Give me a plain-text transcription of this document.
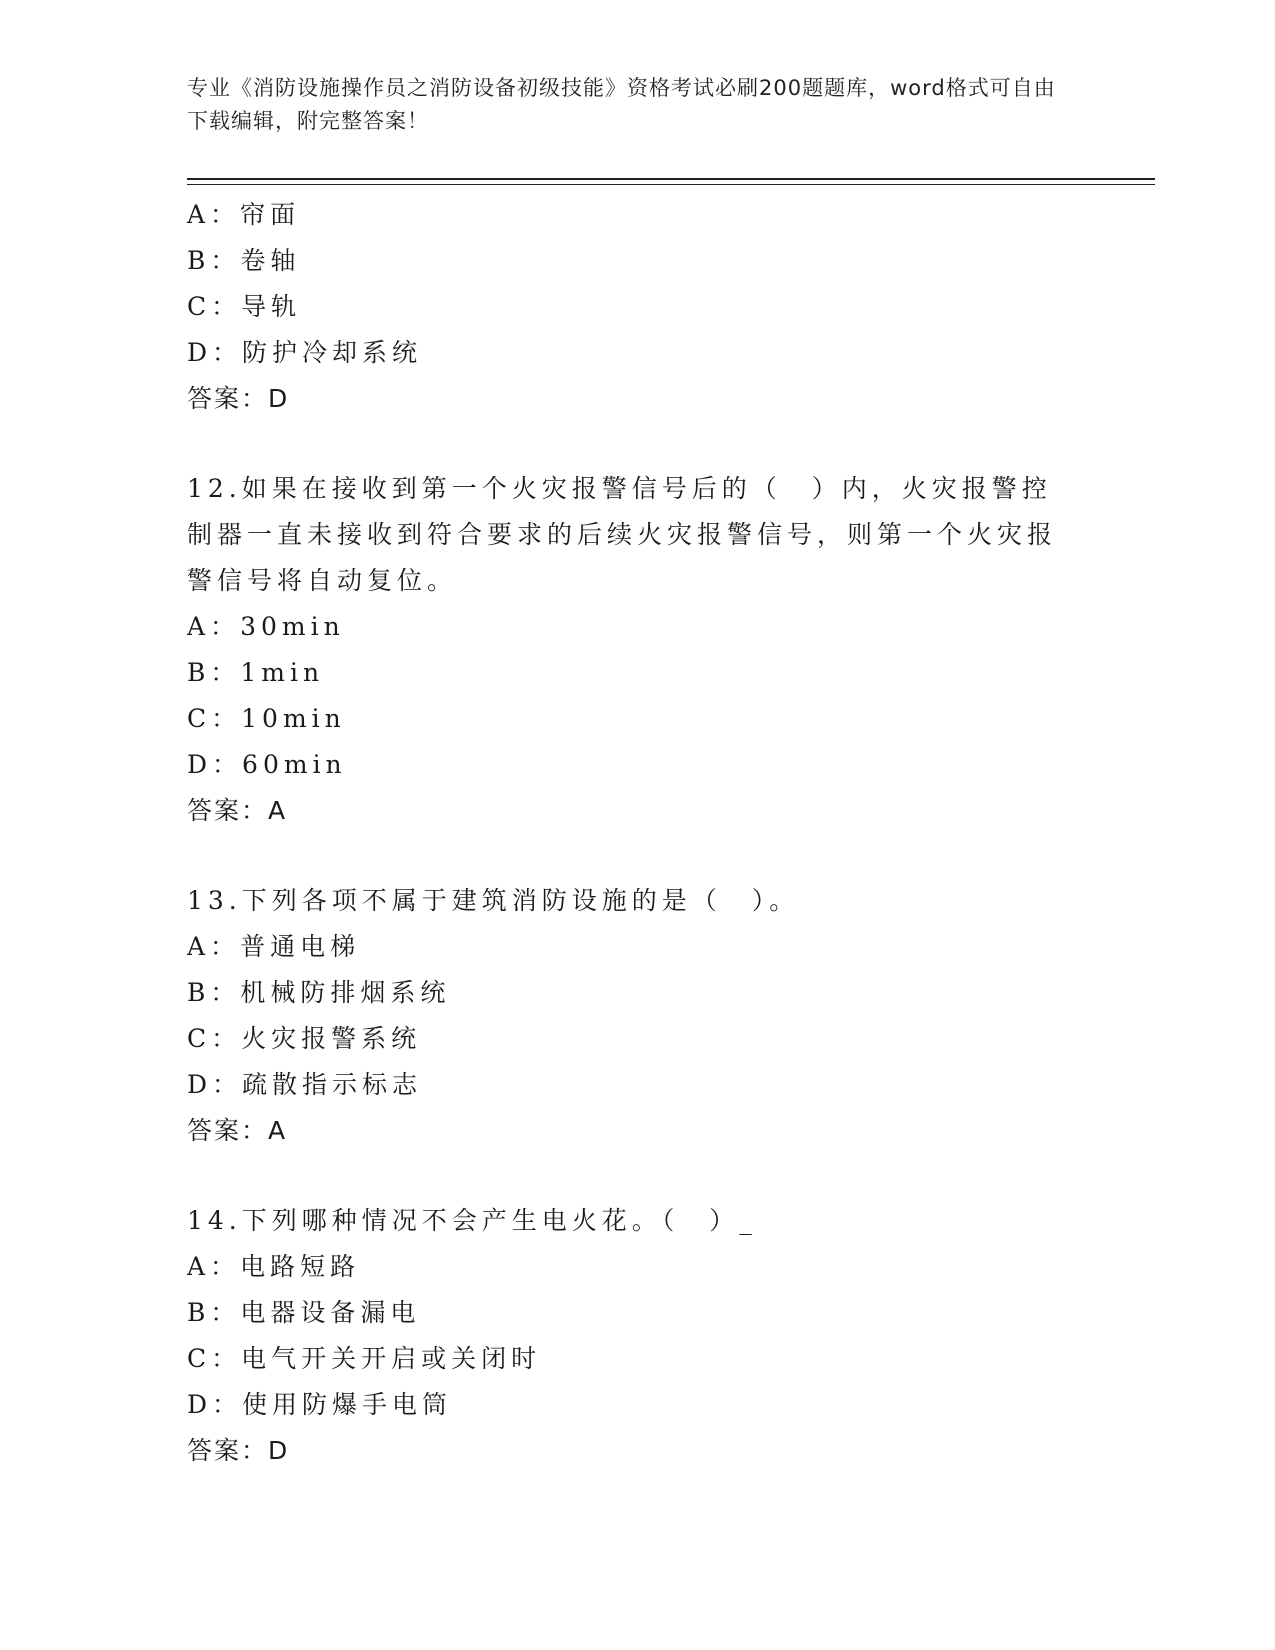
专业《消防设施操作员之消防设备初级技能》资格考试必刷200题题库，word格式可自由下载编辑，附完整答案！
A：帘面
B：卷轴
C：导轨
D：防护冷却系统
答案：D
12.如果在接收到第一个火灾报警信号后的（　）内，火灾报警控制器一直未接收到符合要求的后续火灾报警信号，则第一个火灾报警信号将自动复位。
A：30min
B：1min
C：10min
D：60min
答案：A
13.下列各项不属于建筑消防设施的是（　）。
A：普通电梯
B：机械防排烟系统
C：火灾报警系统
D：疏散指示标志
答案：A
14.下列哪种情况不会产生电火花。（　）_
A：电路短路
B：电器设备漏电
C：电气开关开启或关闭时
D：使用防爆手电筒
答案：D
